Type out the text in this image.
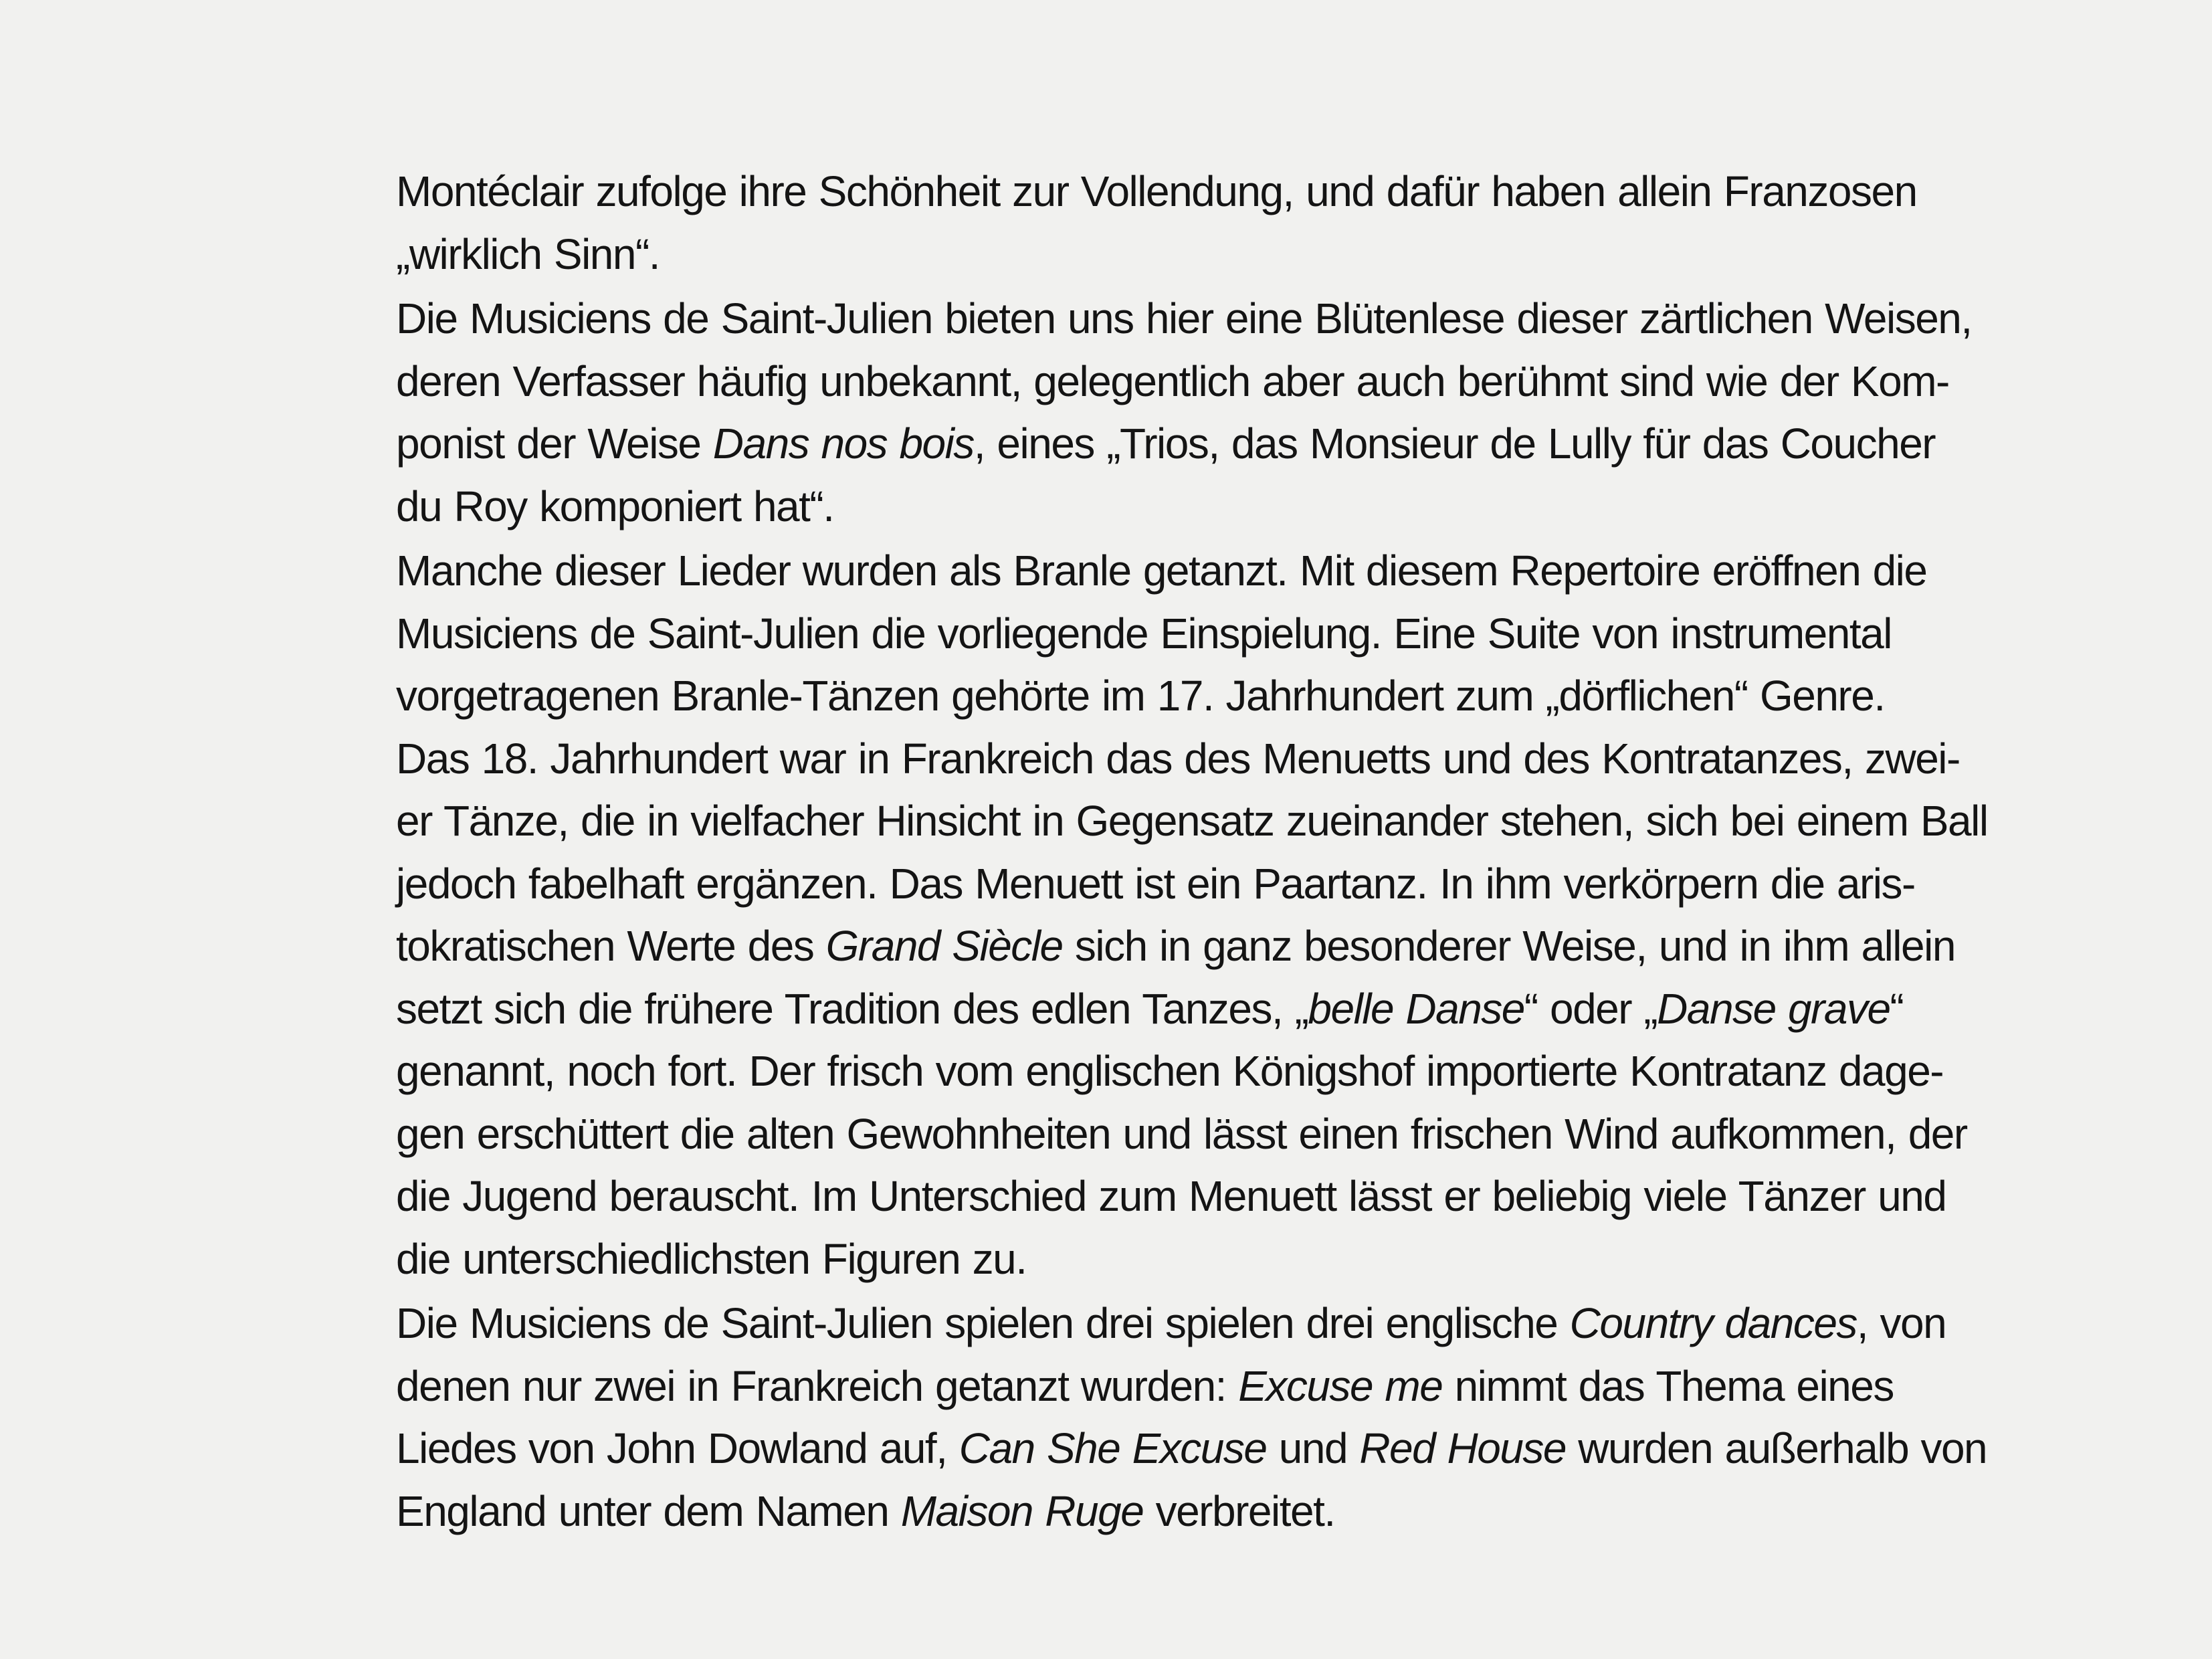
Montéclair zufolge ihre Schönheit zur Vollendung, und dafür haben allein Franzosen
„wirklich Sinn“.
Die Musiciens de Saint-Julien bieten uns hier eine Blütenlese dieser zärtlichen Weisen,
deren Verfasser häufig unbekannt, gelegentlich aber auch berühmt sind wie der Kom-
ponist der Weise Dans nos bois, eines „Trios, das Monsieur de Lully für das Coucher
du Roy komponiert hat“.
Manche dieser Lieder wurden als Branle getanzt. Mit diesem Repertoire eröffnen die
Musiciens de Saint-Julien die vorliegende Einspielung. Eine Suite von instrumental
vorgetragenen Branle-Tänzen gehörte im 17. Jahrhundert zum „dörflichen“ Genre.
Das 18. Jahrhundert war in Frankreich das des Menuetts und des Kontratanzes, zwei-
er Tänze, die in vielfacher Hinsicht in Gegensatz zueinander stehen, sich bei einem Ball
jedoch fabelhaft ergänzen. Das Menuett ist ein Paartanz. In ihm verkörpern die aris-
tokratischen Werte des Grand Siècle sich in ganz besonderer Weise, und in ihm allein
setzt sich die frühere Tradition des edlen Tanzes, „belle Danse“ oder „Danse grave“
genannt, noch fort. Der frisch vom englischen Königshof importierte Kontratanz dage-
gen erschüttert die alten Gewohnheiten und lässt einen frischen Wind aufkommen, der
die Jugend berauscht. Im Unterschied zum Menuett lässt er beliebig viele Tänzer und
die unterschiedlichsten Figuren zu.
Die Musiciens de Saint-Julien spielen drei spielen drei englische Country dances, von
denen nur zwei in Frankreich getanzt wurden: Excuse me nimmt das Thema eines
Liedes von John Dowland auf, Can She Excuse und Red House wurden außerhalb von
England unter dem Namen Maison Ruge verbreitet.
